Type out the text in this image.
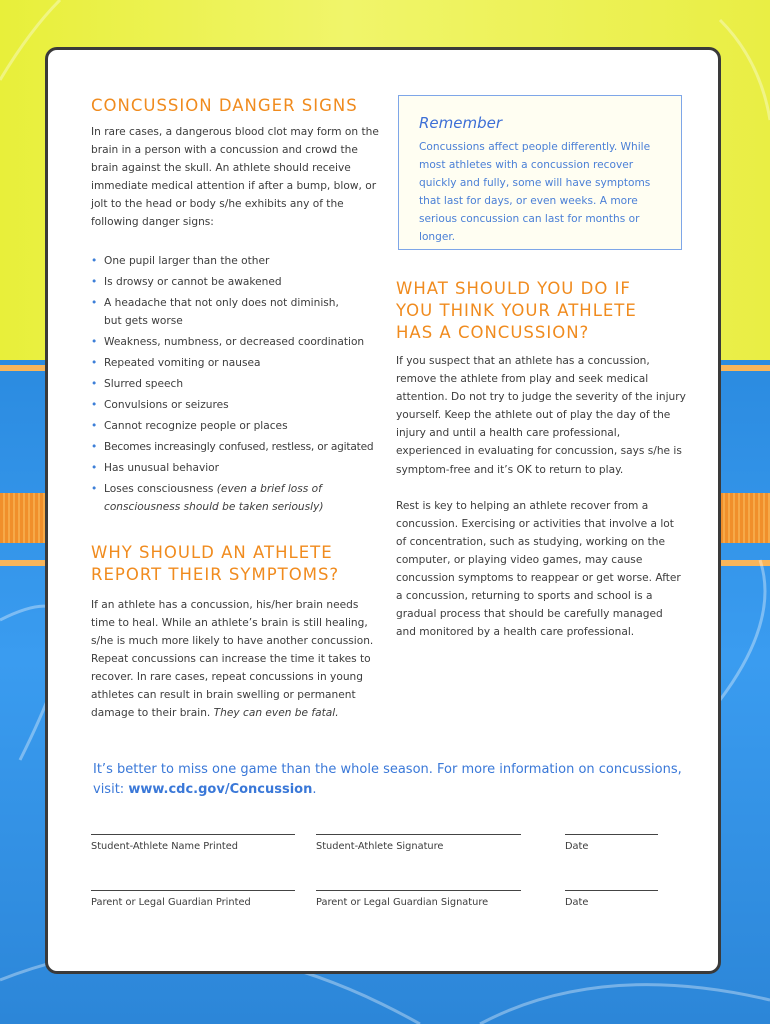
CONCUSSION DANGER SIGNS

In rare cases, a dangerous blood clot may form on the brain in a person with a concussion and crowd the brain against the skull. An athlete should receive immediate medical attention if after a bump, blow, or jolt to the head or body s/he exhibits any of the following danger signs:

• One pupil larger than the other
• Is drowsy or cannot be awakened
• A headache that not only does not diminish, but gets worse
• Weakness, numbness, or decreased coordination
• Repeated vomiting or nausea
• Slurred speech
• Convulsions or seizures
• Cannot recognize people or places
• Becomes increasingly confused, restless, or agitated
• Has unusual behavior
• Loses consciousness (even a brief loss of consciousness should be taken seriously)
WHY SHOULD AN ATHLETE REPORT THEIR SYMPTOMS?

If an athlete has a concussion, his/her brain needs time to heal. While an athlete’s brain is still healing, s/he is much more likely to have another concussion. Repeat concussions can increase the time it takes to recover. In rare cases, repeat concussions in young athletes can result in brain swelling or permanent damage to their brain. They can even be fatal.

Remember

Concussions affect people differently. While most athletes with a concussion recover quickly and fully, some will have symptoms that last for days, or even weeks. A more serious concussion can last for months or longer.

WHAT SHOULD YOU DO IF YOU THINK YOUR ATHLETE HAS A CONCUSSION?

If you suspect that an athlete has a concussion, remove the athlete from play and seek medical attention. Do not try to judge the severity of the injury yourself. Keep the athlete out of play the day of the injury and until a health care professional, experienced in evaluating for concussion, says s/he is symptom-free and it’s OK to return to play.

Rest is key to helping an athlete recover from a concussion. Exercising or activities that involve a lot of concentration, such as studying, working on the computer, or playing video games, may cause concussion symptoms to reappear or get worse. After a concussion, returning to sports and school is a gradual process that should be carefully managed and monitored by a health care professional.

It’s better to miss one game than the whole season. For more information on concussions, visit: www.cdc.gov/Concussion.
Student-Athlete Name Printed	Student-Athlete Signature	Date
Parent or Legal Guardian Printed	Parent or Legal Guardian Signature	Date
